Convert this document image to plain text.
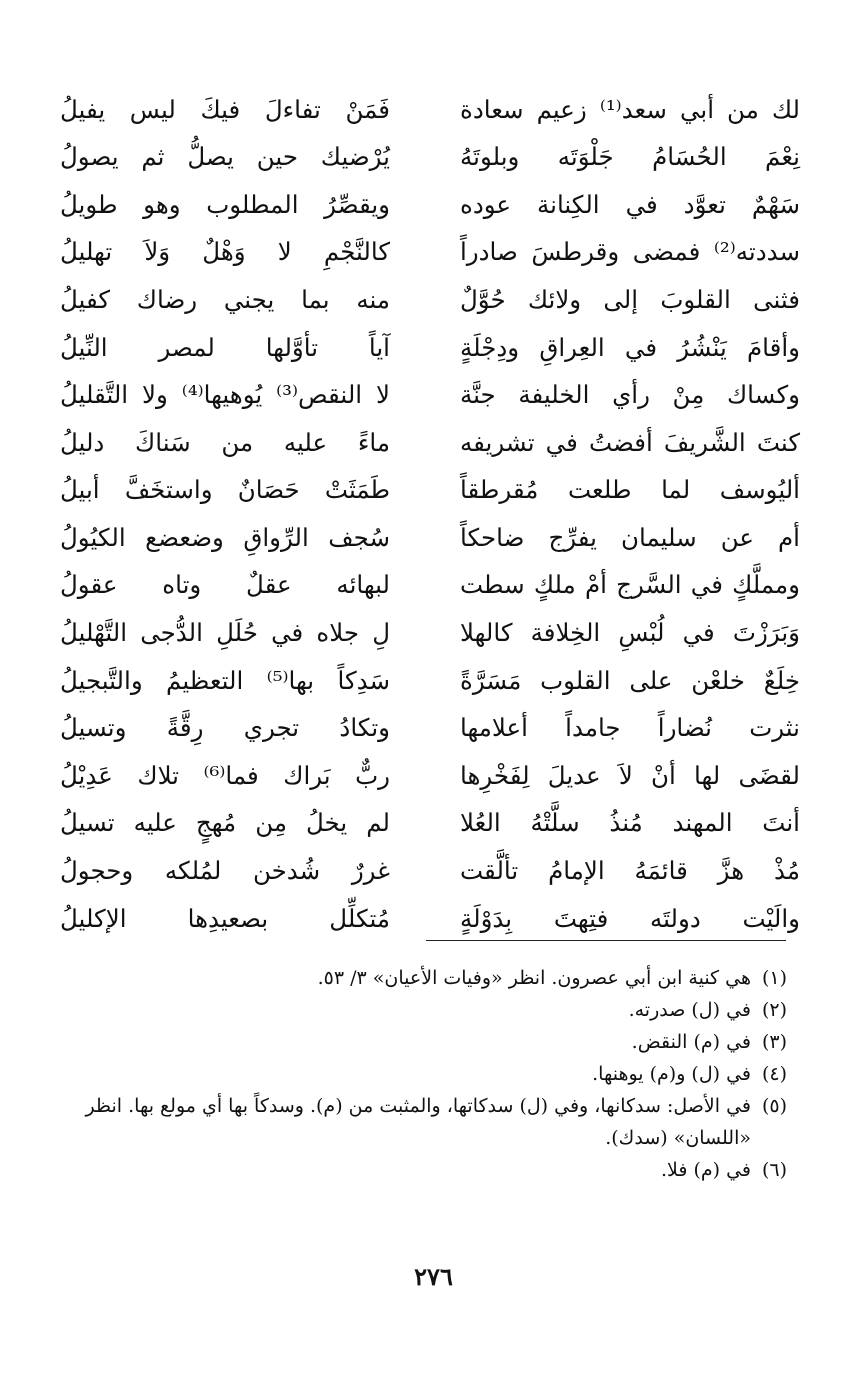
لك من أبي سعد⁽¹⁾ زعيم سعادة
فَمَنْ تفاءلَ فيكَ ليس يفيلُ
نِعْمَ الحُسَامُ جَلْوَتَه وبلوتَهُ
يُرْضيك حين يصلُّ ثم يصولُ
سَهْمٌ تعوَّد في الكِنانة عوده
ويقصِّرُ المطلوب وهو طويلُ
سددته⁽²⁾ فمضى وقرطسَ صادراً
كالنَّجْمِ لا وَهْلٌ وَلاَ تهليلُ
فثنى القلوبَ إلى ولائك حُوَّلٌ
منه بما يجني رضاك كفيلُ
وأقامَ يَنْشُرُ في العِراقِ ودِجْلَةٍ
آياً تأوَّلها لمصر النِّيلُ
وكساك مِنْ رأي الخليفة جنَّة
لا النقص⁽³⁾ يُوهيها⁽⁴⁾ ولا التَّقليلُ
كنتَ الشَّريفَ أفضتُ في تشريفه
ماءً عليه من سَناكَ دليلُ
أليُوسف لما طلعت مُقرطقاً
طَمَثَتْ حَصَانٌ واستخَفَّ أبيلُ
أم عن سليمان يفرِّج ضاحكاً
سُجف الرِّواقِ وضعضع الكيُولُ
ومملَّكٍ في السَّرج أمْ ملكٍ سطت
لبهائه عقلٌ وتاه عقولُ
وَبَرَزْتَ في لُبْسِ الخِلافة كالهلا
لِ جلاه في حُلَلِ الدُّجى التَّهْليلُ
خِلَعٌ خلعْن على القلوب مَسَرَّةً
سَدِكاً بها⁽⁵⁾ التعظيمُ والتَّبجيلُ
نثرت نُضاراً جامداً أعلامها
وتكادُ تجري رِقَّةً وتسيلُ
لقضَى لها أنْ لاَ عديلَ لِفَخْرِها
ربٌّ بَراك فما⁽⁶⁾ تلاك عَدِيْلُ
أنتَ المهند مُنذُ سلَّتْهُ العُلا
لم يخلُ مِن مُهجٍ عليه تسيلُ
مُذْ هزَّ قائمَهُ الإمامُ تألَّقت
غررٌ شُدخن لمُلكه وحجولُ
والَيْت دولتَه فتِهتَ بِدَوْلَةٍ
مُتكلِّل بصعيدِها الإكليلُ
(١)
هي كنية ابن أبي عصرون. انظر «وفيات الأعيان» ٣/ ٥٣.
(٢)
في (ل) صدرته.
(٣)
في (م) النقض.
(٤)
في (ل) و(م) يوهنها.
(٥)
في الأصل: سدكانها، وفي (ل) سدكاتها، والمثبت من (م). وسدكاً بها أي مولع بها. انظر «اللسان» (سدك).
(٦)
في (م) فلا.
٢٧٦
